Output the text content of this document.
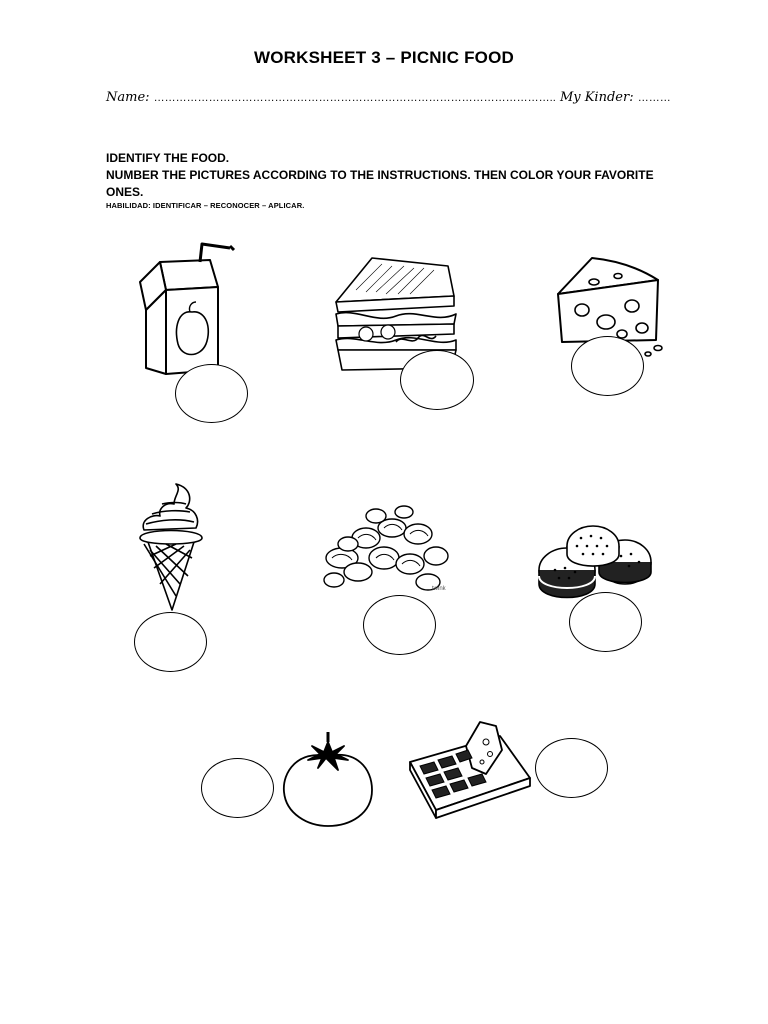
WORKSHEET 3 – PICNIC FOOD
Name: ……………………………………………………………………………………………….. My Kinder: ………
IDENTIFY THE FOOD.
NUMBER THE PICTURES ACCORDING TO THE INSTRUCTIONS. THEN COLOR YOUR FAVORITE ONES.
HABILIDAD: IDENTIFICAR – RECONOCER – APLICAR.
twink
